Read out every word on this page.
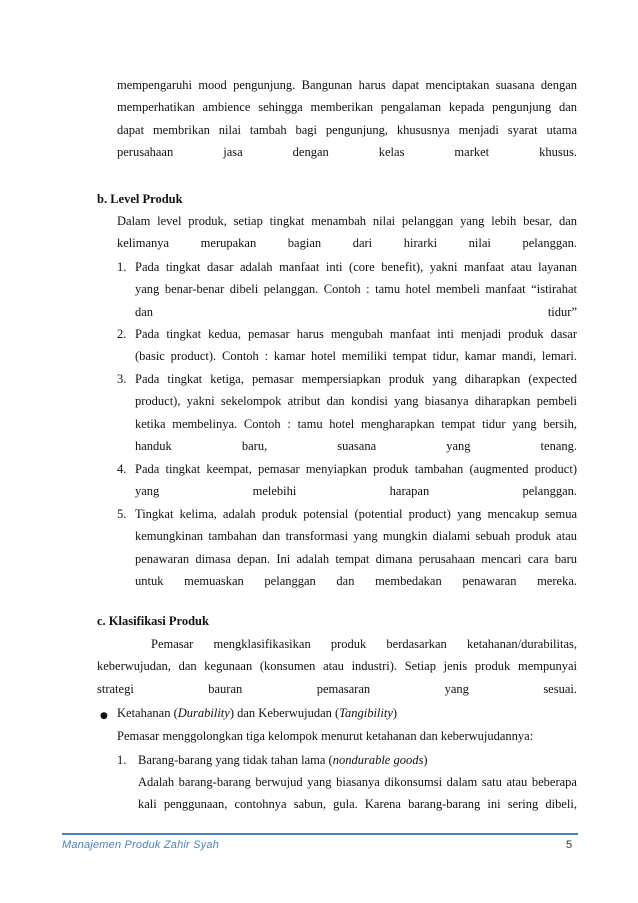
mempengaruhi mood pengunjung. Bangunan harus dapat menciptakan suasana dengan
memperhatikan ambience sehingga memberikan pengalaman kepada pengunjung dan
dapat membrikan nilai tambah bagi pengunjung, khususnya menjadi syarat utama
perusahaan jasa dengan kelas market khusus.
b. Level Produk
Dalam level produk, setiap tingkat menambah nilai pelanggan yang lebih besar, dan
kelimanya merupakan bagian dari hirarki nilai pelanggan.
1. Pada tingkat dasar adalah manfaat inti (core benefit), yakni manfaat atau layanan
yang benar-benar dibeli pelanggan. Contoh : tamu hotel membeli manfaat “istirahat
dan tidur”
2. Pada tingkat kedua, pemasar harus mengubah manfaat inti menjadi produk dasar
(basic product). Contoh : kamar hotel memiliki tempat tidur, kamar mandi, lemari.
3. Pada tingkat ketiga, pemasar mempersiapkan produk yang diharapkan (expected
product), yakni sekelompok atribut dan kondisi yang biasanya diharapkan pembeli
ketika membelinya. Contoh : tamu hotel mengharapkan tempat tidur yang bersih,
handuk baru, suasana yang tenang.
4. Pada tingkat keempat, pemasar menyiapkan produk tambahan (augmented product)
yang melebihi harapan pelanggan.
5. Tingkat kelima, adalah produk potensial (potential product) yang mencakup semua
kemungkinan tambahan dan transformasi yang mungkin dialami sebuah produk atau
penawaran dimasa depan. Ini adalah tempat dimana perusahaan mencari cara baru
untuk memuaskan pelanggan dan membedakan penawaran mereka.
c. Klasifikasi Produk
Pemasar mengklasifikasikan produk berdasarkan ketahanan/durabilitas,
keberwujudan, dan kegunaan (konsumen atau industri). Setiap jenis produk mempunyai
strategi bauran pemasaran yang sesuai.
● Ketahanan (Durability) dan Keberwujudan (Tangibility)
Pemasar menggolongkan tiga kelompok menurut ketahanan dan keberwujudannya:
1. Barang-barang yang tidak tahan lama (nondurable goods)
Adalah barang-barang berwujud yang biasanya dikonsumsi dalam satu atau beberapa
kali penggunaan, contohnya sabun, gula. Karena barang-barang ini sering dibeli,
Manajemen Produk Zahir Syah	5
